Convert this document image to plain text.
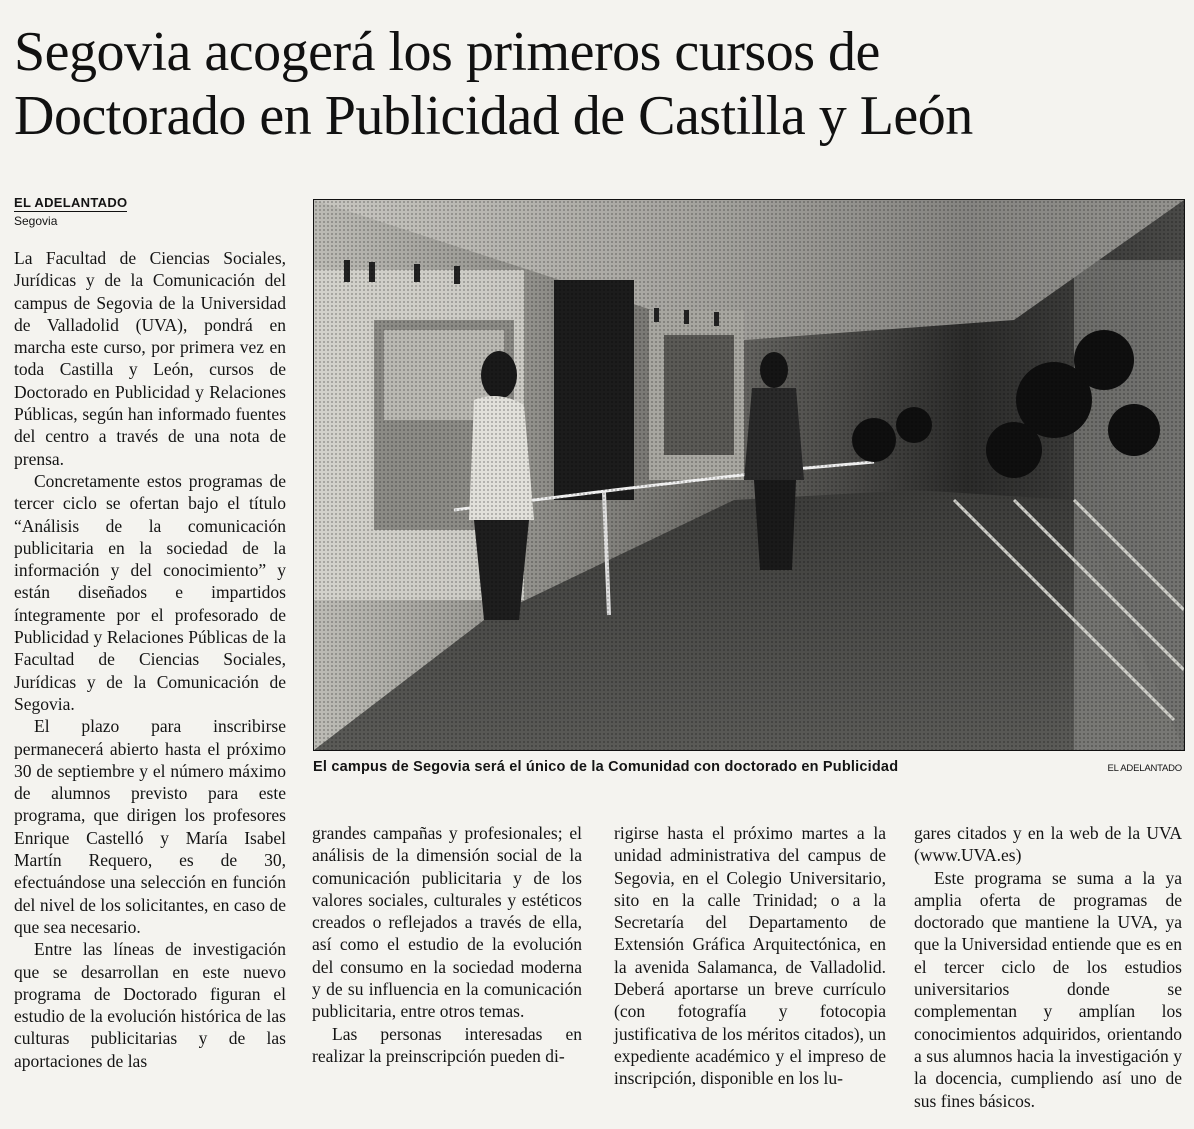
Segovia acogerá los primeros cursos de
Doctorado en Publicidad de Castilla y León
EL ADELANTADO
Segovia

La Facultad de Ciencias Sociales, Jurídicas y de la Comunicación del campus de Segovia de la Universidad de Valladolid (UVA), pondrá en marcha este curso, por primera vez en toda Castilla y León, cursos de Doctorado en Publicidad y Relaciones Públicas, según han informado fuentes del centro a través de una nota de prensa.

Concretamente estos programas de tercer ciclo se ofertan bajo el título “Análisis de la comunicación publicitaria en la sociedad de la información y del conocimiento” y están diseñados e impartidos íntegramente por el profesorado de Publicidad y Relaciones Públicas de la Facultad de Ciencias Sociales, Jurídicas y de la Comunicación de Segovia.

El plazo para inscribirse permanecerá abierto hasta el próximo 30 de septiembre y el número máximo de alumnos previsto para este programa, que dirigen los profesores Enrique Castelló y María Isabel Martín Requero, es de 30, efectuándose una selección en función del nivel de los solicitantes, en caso de que sea necesario.

Entre las líneas de investigación que se desarrollan en este nuevo programa de Doctorado figuran el estudio de la evolución histórica de las culturas publicitarias y de las aportaciones de las

El campus de Segovia será el único de la Comunidad con doctorado en Publicidad	EL ADELANTADO

grandes campañas y profesionales; el análisis de la dimensión social de la comunicación publicitaria y de los valores sociales, culturales y estéticos creados o reflejados a través de ella, así como el estudio de la evolución del consumo en la sociedad moderna y de su influencia en la comunicación publicitaria, entre otros temas.

Las personas interesadas en realizar la preinscripción pueden di-

rigirse hasta el próximo martes a la unidad administrativa del campus de Segovia, en el Colegio Universitario, sito en la calle Trinidad; o a la Secretaría del Departamento de Extensión Gráfica Arquitectónica, en la avenida Salamanca, de Valladolid. Deberá aportarse un breve currículo (con fotografía y fotocopia justificativa de los méritos citados), un expediente académico y el impreso de inscripción, disponible en los lu-

gares citados y en la web de la UVA (www.UVA.es)

Este programa se suma a la ya amplia oferta de programas de doctorado que mantiene la UVA, ya que la Universidad entiende que es en el tercer ciclo de los estudios universitarios donde se complementan y amplían los conocimientos adquiridos, orientando a sus alumnos hacia la investigación y la docencia, cumpliendo así uno de sus fines básicos.
